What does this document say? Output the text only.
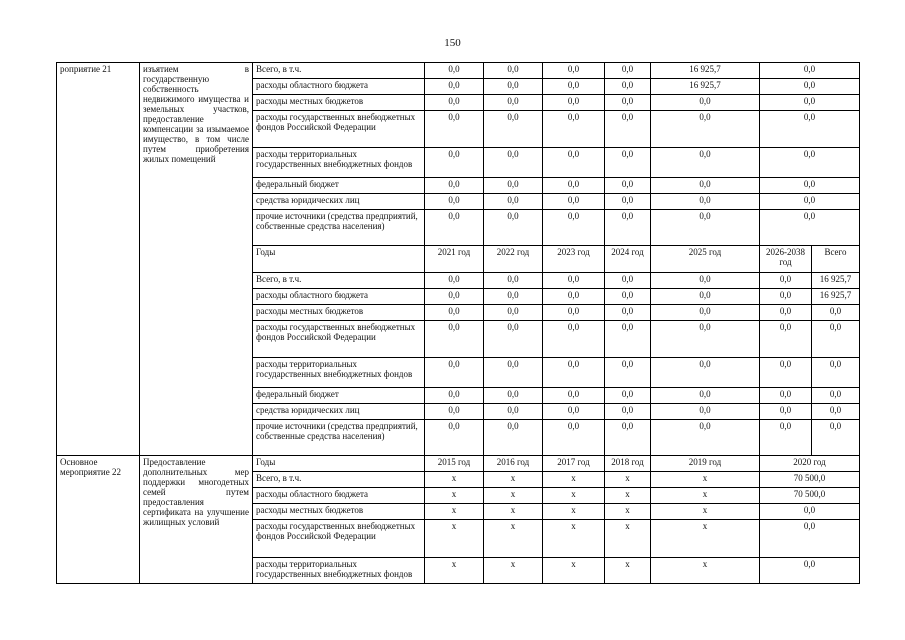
150
роприятие 21	изъятием в государственную собственность недвижимого имущества и земельных участков, предоставление компенсации за изымаемое имущество, в том числе путем приобретения жилых помещений	Всего, в т.ч.	0,0	0,0	0,0	0,0	16 925,7	0,0	
		расходы областного бюджета	0,0	0,0	0,0	0,0	16 925,7	0,0	
		расходы местных бюджетов	0,0	0,0	0,0	0,0	0,0	0,0	
		расходы государственных внебюджетных фондов Российской Федерации	0,0	0,0	0,0	0,0	0,0	0,0	
		расходы территориальных государственных внебюджетных фондов	0,0	0,0	0,0	0,0	0,0	0,0	
		федеральный бюджет	0,0	0,0	0,0	0,0	0,0	0,0	
		средства юридических лиц	0,0	0,0	0,0	0,0	0,0	0,0	
		прочие источники (средства предприятий, собственные средства населения)	0,0	0,0	0,0	0,0	0,0	0,0	
		Годы	2021 год	2022 год	2023 год	2024 год	2025 год	2026-2038 год	Всего
		Всего, в т.ч.	0,0	0,0	0,0	0,0	0,0	0,0	16 925,7
		расходы областного бюджета	0,0	0,0	0,0	0,0	0,0	0,0	16 925,7
		расходы местных бюджетов	0,0	0,0	0,0	0,0	0,0	0,0	0,0
		расходы государственных внебюджетных фондов Российской Федерации	0,0	0,0	0,0	0,0	0,0	0,0	0,0
		расходы территориальных государственных внебюджетных фондов	0,0	0,0	0,0	0,0	0,0	0,0	0,0
		федеральный бюджет	0,0	0,0	0,0	0,0	0,0	0,0	0,0
		средства юридических лиц	0,0	0,0	0,0	0,0	0,0	0,0	0,0
		прочие источники (средства предприятий, собственные средства населения)	0,0	0,0	0,0	0,0	0,0	0,0	0,0
Основное мероприятие 22	Предоставление дополнительных мер поддержки многодетных семей путем предоставления сертификата на улучшение жилищных условий	Годы	2015 год	2016 год	2017 год	2018 год	2019 год	2020 год	
		Всего, в т.ч.	x	x	x	x	x	70 500,0	
		расходы областного бюджета	x	x	x	x	x	70 500,0	
		расходы местных бюджетов	x	x	x	x	x	0,0	
		расходы государственных внебюджетных фондов Российской Федерации	x	x	x	x	x	0,0	
		расходы территориальных государственных внебюджетных фондов	x	x	x	x	x	0,0	
